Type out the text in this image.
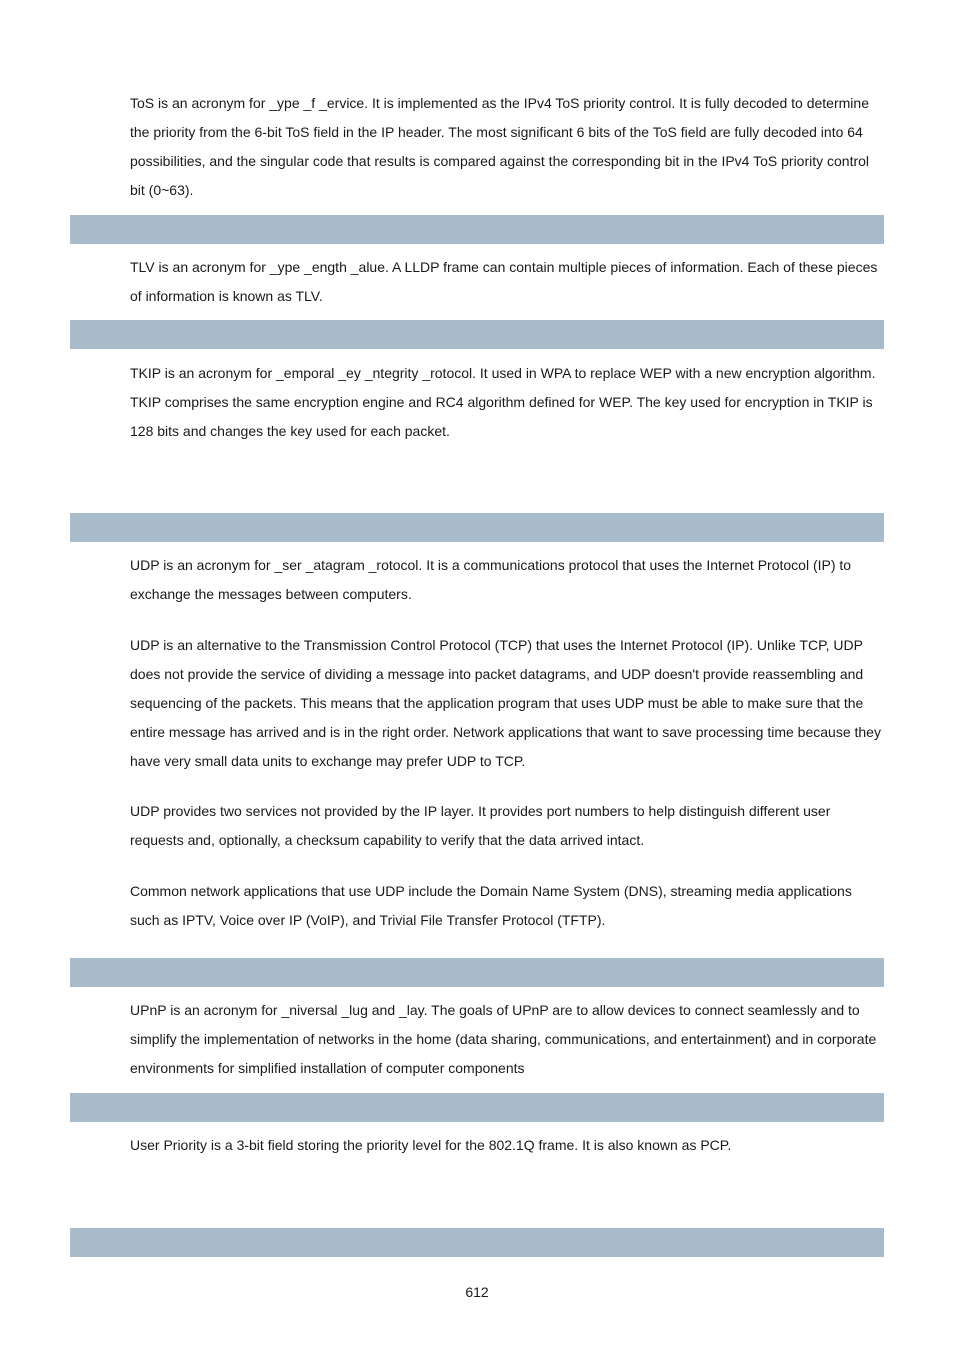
ToS is an acronym for _ype _f _ervice. It is implemented as the IPv4 ToS priority control. It is fully decoded to determine the priority from the 6-bit ToS field in the IP header. The most significant 6 bits of the ToS field are fully decoded into 64 possibilities, and the singular code that results is compared against the corresponding bit in the IPv4 ToS priority control bit (0~63).

TLV is an acronym for _ype _ength _alue. A LLDP frame can contain multiple pieces of information. Each of these pieces of information is known as TLV.

TKIP is an acronym for _emporal _ey _ntegrity _rotocol. It used in WPA to replace WEP with a new encryption algorithm. TKIP comprises the same encryption engine and RC4 algorithm defined for WEP. The key used for encryption in TKIP is 128 bits and changes the key used for each packet.

UDP is an acronym for _ser _atagram _rotocol. It is a communications protocol that uses the Internet Protocol (IP) to exchange the messages between computers.

UDP is an alternative to the Transmission Control Protocol (TCP) that uses the Internet Protocol (IP). Unlike TCP, UDP does not provide the service of dividing a message into packet datagrams, and UDP doesn't provide reassembling and sequencing of the packets. This means that the application program that uses UDP must be able to make sure that the entire message has arrived and is in the right order. Network applications that want to save processing time because they have very small data units to exchange may prefer UDP to TCP.

UDP provides two services not provided by the IP layer. It provides port numbers to help distinguish different user requests and, optionally, a checksum capability to verify that the data arrived intact.

Common network applications that use UDP include the Domain Name System (DNS), streaming media applications such as IPTV, Voice over IP (VoIP), and Trivial File Transfer Protocol (TFTP).

UPnP is an acronym for _niversal _lug and _lay. The goals of UPnP are to allow devices to connect seamlessly and to simplify the implementation of networks in the home (data sharing, communications, and entertainment) and in corporate environments for simplified installation of computer components

User Priority is a 3-bit field storing the priority level for the 802.1Q frame. It is also known as PCP.

612
